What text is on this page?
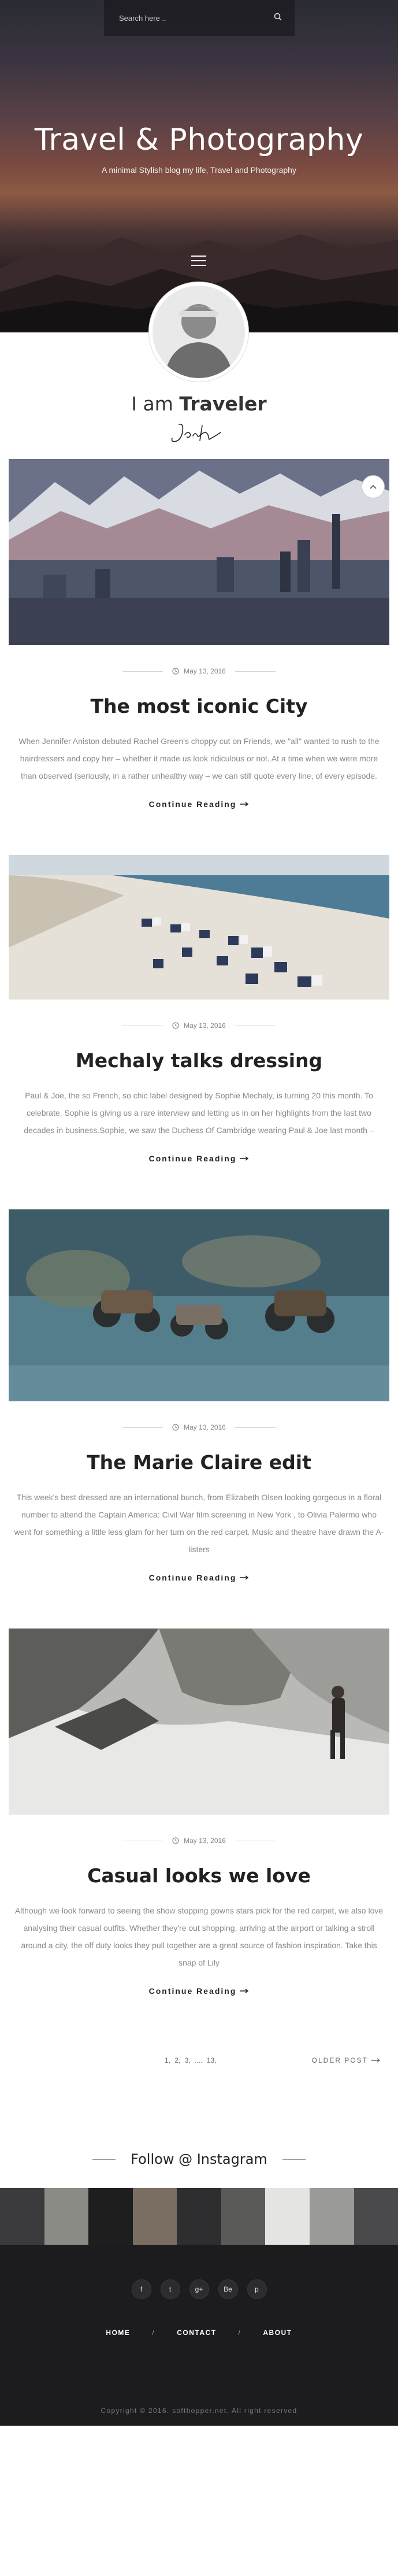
Search here ..
Travel & Photography
A minimal Stylish blog my life, Travel and Photography
I am Traveler
May 13, 2016
The most iconic City

When Jennifer Aniston debuted Rachel Green's choppy cut on Friends, we "all" wanted to rush to the hairdressers and copy her – whether it made us look ridiculous or not. At a time when we were more than observed (seriously, in a rather unhealthy way – we can still quote every line, of every episode.

Continue Reading
May 13, 2016
Mechaly talks dressing

Paul & Joe, the so French, so chic label designed by Sophie Mechaly, is turning 20 this month. To celebrate, Sophie is giving us a rare interview and letting us in on her highlights from the last two decades in business.Sophie, we saw the Duchess Of Cambridge wearing Paul & Joe last month –

Continue Reading
May 13, 2016
The Marie Claire edit

This week's best dressed are an international bunch, from Elizabeth Olsen looking gorgeous in a floral number to attend the Captain America: Civil War film screening in New York , to Olivia Palermo who went for something a little less glam for her turn on the red carpet. Music and theatre have drawn the A-listers

Continue Reading
May 13, 2016
Casual looks we love

Although we look forward to seeing the show stopping gowns stars pick for the red carpet, we also love analysing their casual outfits. Whether they're out shopping, arriving at the airport or talking a stroll around a city, the off duty looks they pull together are a great source of fashion inspiration. Take this snap of Lily

Continue Reading
1, 2, 3, .... 13,	OLDER POST
Follow @ Instagram
f	t	g+	Be	p
HOME	/	CONTACT	/	ABOUT
Copyright © 2016. softhopper.net. All right reserved
